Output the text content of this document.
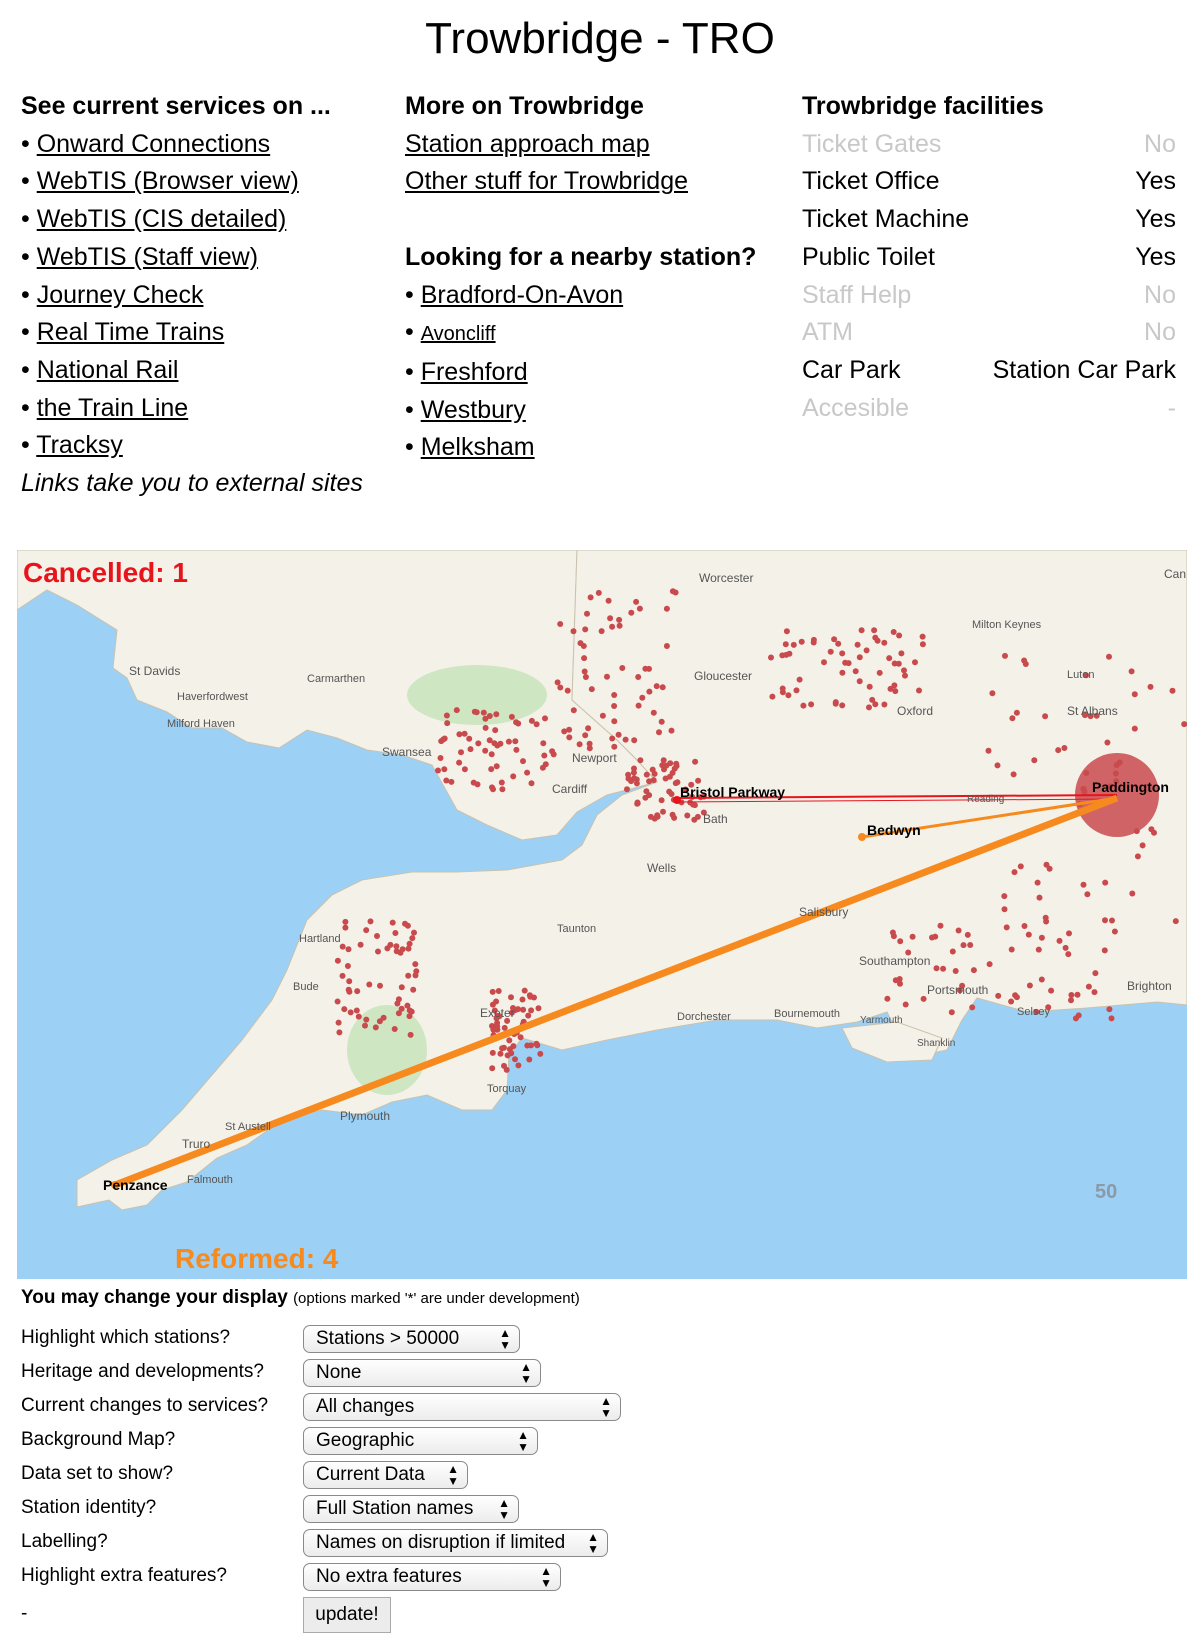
Trowbridge - TRO
See current services on ...
• Onward Connections
• WebTIS (Browser view)
• WebTIS (CIS detailed)
• WebTIS (Staff view)
• Journey Check
• Real Time Trains
• National Rail
• the Train Line
• Tracksy
Links take you to external sites
More on Trowbridge
Station approach map
Other stuff for Trowbridge
Looking for a nearby station?
• Bradford-On-Avon
• Avoncliff
• Freshford
• Westbury
• Melksham
Trowbridge facilities
Ticket Gates	No
Ticket Office	Yes
Ticket Machine	Yes
Public Toilet	Yes
Staff Help	No
ATM	No
Car Park	Station Car Park
Accesible	-
Worcester
Milton Keynes
Luton
St Albans
Oxford
Gloucester
St Davids
Carmarthen
Haverfordwest
Milford Haven
Swansea	Newport
Cardiff	Bristol Parkway
Bath
Bedwyn
Paddington
Reading
Wells
Salisbury
Taunton
Southampton
Portsmouth	Brighton
Selsey
Hartland
Bude
Exeter	Dorchester	Bournemouth
Yarmouth
Shanklin
Torquay
Plymouth
St Austell
Truro
Falmouth
Penzance
Can
Cancelled: 1
Reformed: 4
50
You may change your display (options marked '*' are under development)
Highlight which stations?	Stations > 50000	▲
▼
Heritage and developments?	None	▲
▼
Current changes to services?	All changes	▲
▼
Background Map?	Geographic	▲
▼
Data set to show?	Current Data ▲
▼
Station identity?	Full Station names ▲
▼
Labelling?	Names on disruption if limited ▲
▼
Highlight extra features?	No extra features	▲
▼
-	update!
